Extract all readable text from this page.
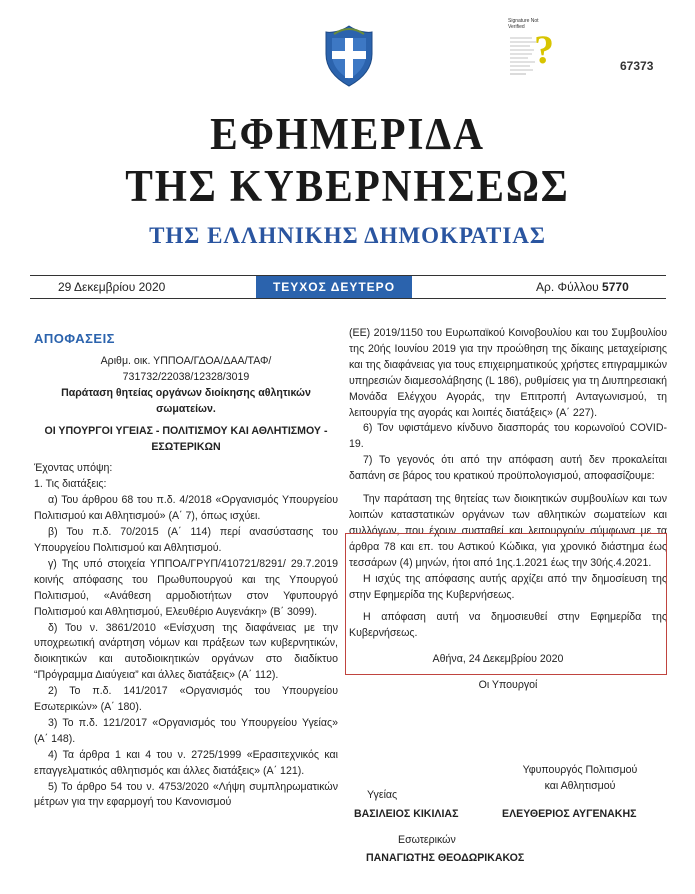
Signature Not
Verified ?	67373
ΕΦΗΜΕΡΙΔΑ
ΤΗΣ ΚΥΒΕΡΝΗΣΕΩΣ
ΤΗΣ ΕΛΛΗΝΙΚΗΣ ΔΗΜΟΚΡΑΤΙΑΣ
29 Δεκεμβρίου 2020	ΤΕΥΧΟΣ ΔΕΥΤΕΡΟ	Αρ. Φύλλου 5770
ΑΠΟΦΑΣΕΙΣ
Αριθμ. οικ. ΥΠΠΟΑ/ΓΔΟΑ/ΔΑΑ/ΤΑΦ/
731732/22038/12328/3019
Παράταση θητείας οργάνων διοίκησης αθλητικών σωματείων.
ΟΙ ΥΠΟΥΡΓΟΙ ΥΓΕΙΑΣ - ΠΟΛΙΤΙΣΜΟΥ ΚΑΙ ΑΘΛΗΤΙΣΜΟΥ - ΕΣΩΤΕΡΙΚΩΝ
Έχοντας υπόψη:
1. Τις διατάξεις:
α) Του άρθρου 68 του π.δ. 4/2018 «Οργανισμός Υπουργείου Πολιτισμού και Αθλητισμού» (Α΄ 7), όπως ισχύει.
β) Του π.δ. 70/2015 (Α΄ 114) περί ανασύστασης του Υπουργείου Πολιτισμού και Αθλητισμού.
γ) Της υπό στοιχεία ΥΠΠΟΑ/ΓΡΥΠ/410721/8291/ 29.7.2019 κοινής απόφασης του Πρωθυπουργού και της Υπουργού Πολιτισμού, «Ανάθεση αρμοδιοτήτων στον Υφυπουργό Πολιτισμού και Αθλητισμού, Ελευθέριο Αυγενάκη» (Β΄ 3099).
δ) Του ν. 3861/2010 «Ενίσχυση της διαφάνειας με την υποχρεωτική ανάρτηση νόμων και πράξεων των κυβερνητικών, διοικητικών και αυτοδιοικητικών οργάνων στο διαδίκτυο “Πρόγραμμα Διαύγεια” και άλλες διατάξεις» (Α΄ 112).
2) Το π.δ. 141/2017 «Οργανισμός του Υπουργείου Εσωτερικών» (Α΄ 180).
3) Το π.δ. 121/2017 «Οργανισμός του Υπουργείου Υγείας» (Α΄ 148).
4) Τα άρθρα 1 και 4 του ν. 2725/1999 «Ερασιτεχνικός και επαγγελματικός αθλητισμός και άλλες διατάξεις» (Α΄ 121).
5) Το άρθρο 54 του ν. 4753/2020 «Λήψη συμπληρωματικών μέτρων για την εφαρμογή του Κανονισμού
(ΕΕ) 2019/1150 του Ευρωπαϊκού Κοινοβουλίου και του Συμβουλίου της 20ής Ιουνίου 2019 για την προώθηση της δίκαιης μεταχείρισης και της διαφάνειας για τους επιχειρηματικούς χρήστες επιγραμμικών υπηρεσιών διαμεσολάβησης (L 186), ρυθμίσεις για τη Διυπηρεσιακή Μονάδα Ελέγχου Αγοράς, την Επιτροπή Ανταγωνισμού, τη λειτουργία της αγοράς και λοιπές διατάξεις» (Α΄ 227).
6) Τον υφιστάμενο κίνδυνο διασποράς του κορωνοϊού COVID-19.
7) Το γεγονός ότι από την απόφαση αυτή δεν προκαλείται δαπάνη σε βάρος του κρατικού προϋπολογισμού, αποφασίζουμε:
Την παράταση της θητείας των διοικητικών συμβουλίων και των λοιπών καταστατικών οργάνων των αθλητικών σωματείων και συλλόγων, που έχουν συσταθεί και λειτουργούν σύμφωνα με τα άρθρα 78 και επ. του Αστικού Κώδικα, για χρονικό διάστημα έως τεσσάρων (4) μηνών, ήτοι από 1ης.1.2021 έως την 30ής.4.2021.
Η ισχύς της απόφασης αυτής αρχίζει από την δημοσίευση της στην Εφημερίδα της Κυβερνήσεως.
Η απόφαση αυτή να δημοσιευθεί στην Εφημερίδα της Κυβερνήσεως.
Αθήνα, 24 Δεκεμβρίου 2020
Οι Υπουργοί
Υγείας
ΒΑΣΙΛΕΙΟΣ ΚΙΚΙΛΙΑΣ
Υφυπουργός Πολιτισμού
και Αθλητισμού
ΕΛΕΥΘΕΡΙΟΣ ΑΥΓΕΝΑΚΗΣ
Εσωτερικών
ΠΑΝΑΓΙΩΤΗΣ ΘΕΟΔΩΡΙΚΑΚΟΣ
